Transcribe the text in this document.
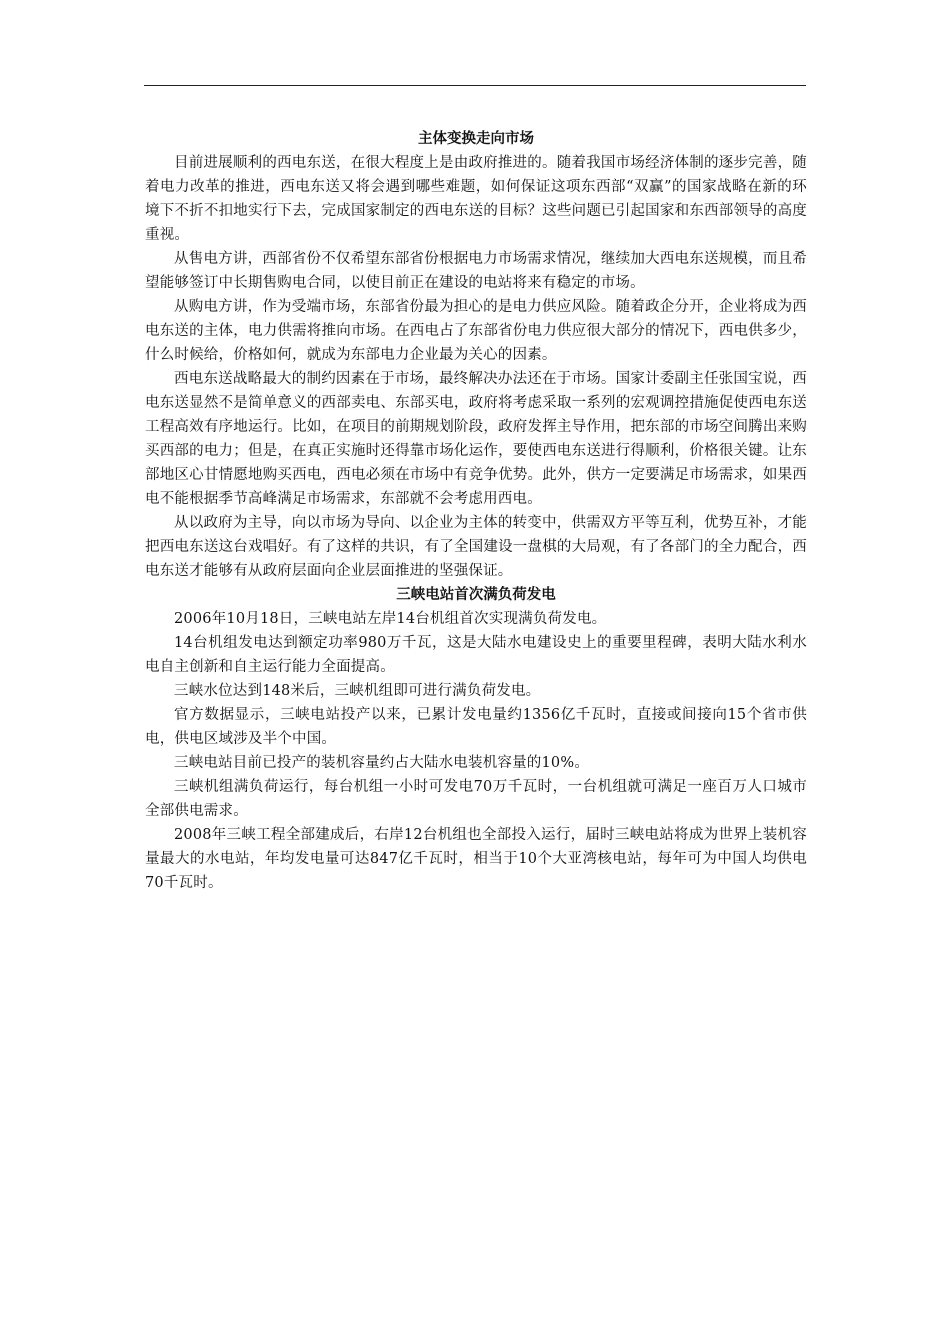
主体变换走向市场

目前进展顺利的西电东送，在很大程度上是由政府推进的。随着我国市场经济体制的逐步完善，随着电力改革的推进，西电东送又将会遇到哪些难题，如何保证这项东西部“双赢”的国家战略在新的环境下不折不扣地实行下去，完成国家制定的西电东送的目标？这些问题已引起国家和东西部领导的高度重视。

从售电方讲，西部省份不仅希望东部省份根据电力市场需求情况，继续加大西电东送规模，而且希望能够签订中长期售购电合同，以使目前正在建设的电站将来有稳定的市场。

从购电方讲，作为受端市场，东部省份最为担心的是电力供应风险。随着政企分开，企业将成为西电东送的主体，电力供需将推向市场。在西电占了东部省份电力供应很大部分的情况下，西电供多少，什么时候给，价格如何，就成为东部电力企业最为关心的因素。

西电东送战略最大的制约因素在于市场，最终解决办法还在于市场。国家计委副主任张国宝说，西电东送显然不是简单意义的西部卖电、东部买电，政府将考虑采取一系列的宏观调控措施促使西电东送工程高效有序地运行。比如，在项目的前期规划阶段，政府发挥主导作用，把东部的市场空间腾出来购买西部的电力；但是，在真正实施时还得靠市场化运作，要使西电东送进行得顺利，价格很关键。让东部地区心甘情愿地购买西电，西电必须在市场中有竞争优势。此外，供方一定要满足市场需求，如果西电不能根据季节高峰满足市场需求，东部就不会考虑用西电。

从以政府为主导，向以市场为导向、以企业为主体的转变中，供需双方平等互利，优势互补，才能把西电东送这台戏唱好。有了这样的共识，有了全国建设一盘棋的大局观，有了各部门的全力配合，西电东送才能够有从政府层面向企业层面推进的坚强保证。

三峡电站首次满负荷发电

2006年10月18日，三峡电站左岸14台机组首次实现满负荷发电。

14台机组发电达到额定功率980万千瓦，这是大陆水电建设史上的重要里程碑，表明大陆水利水电自主创新和自主运行能力全面提高。

三峡水位达到148米后，三峡机组即可进行满负荷发电。

官方数据显示，三峡电站投产以来，已累计发电量约1356亿千瓦时，直接或间接向15个省市供电，供电区域涉及半个中国。

三峡电站目前已投产的装机容量约占大陆水电装机容量的10%。

三峡机组满负荷运行，每台机组一小时可发电70万千瓦时，一台机组就可满足一座百万人口城市全部供电需求。

2008年三峡工程全部建成后，右岸12台机组也全部投入运行，届时三峡电站将成为世界上装机容量最大的水电站，年均发电量可达847亿千瓦时，相当于10个大亚湾核电站，每年可为中国人均供电70千瓦时。
